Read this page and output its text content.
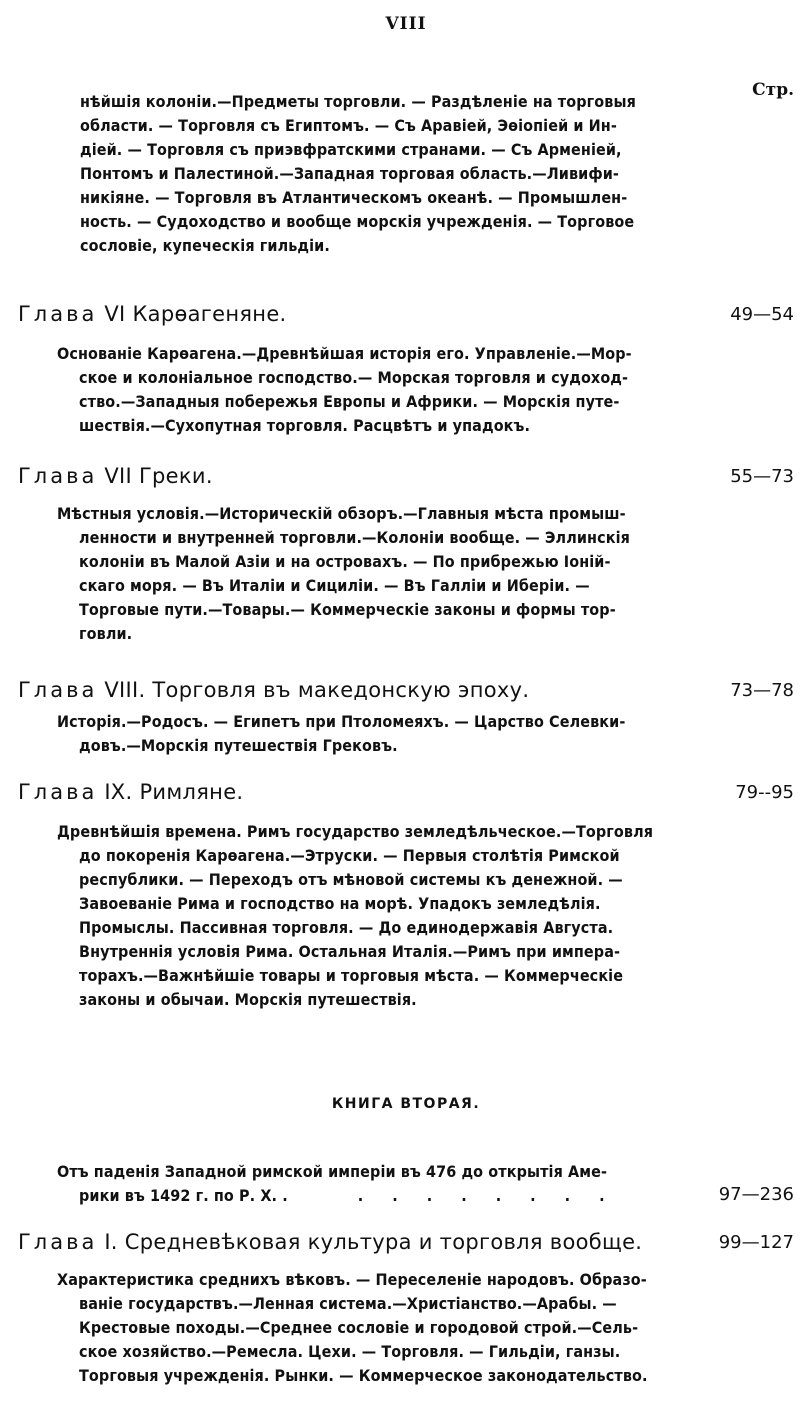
VIII
Стр.
нѣйшія колоніи.—Предметы торговли. — Раздѣленіе на торговыя
области. — Торговля съ Египтомъ. — Съ Аравіей, Эѳіопіей и Ин-
діей. — Торговля съ приэвфратскими странами. — Съ Арменіей,
Понтомъ и Палестиной.—Западная торговая область.—Ливифи-
никіяне. — Торговля въ Атлантическомъ океанѣ. — Промышлен-
ность. — Судоходство и вообще морскія учрежденія. — Торговое
сословіе, купеческія гильдіи.
Глава VI Карѳагеняне.	49—54
Основаніе Карѳагена.—Древнѣйшая исторія его. Управленіе.—Мор-
ское и колоніальное господство.— Морская торговля и судоход-
ство.—Западныя побережья Европы и Африки. — Морскія путе-
шествія.—Сухопутная торговля. Расцвѣтъ и упадокъ.
Глава VII Греки.	55—73
Мѣстныя условія.—Историческій обзоръ.—Главныя мѣста промыш-
ленности и внутренней торговли.—Колоніи вообще. — Эллинскія
колоніи въ Малой Азіи и на островахъ. — По прибрежью Іоній-
скаго моря. — Въ Италіи и Сициліи. — Въ Галліи и Иберіи. —
Торговые пути.—Товары.— Коммерческіе законы и формы тор-
говли.
Глава VIII. Торговля въ македонскую эпоху.	73—78
Исторія.—Родосъ. — Египетъ при Птоломеяхъ. — Царство Селевки-
довъ.—Морскія путешествія Грековъ.
Глава IX. Римляне.	79--95
Древнѣйшія времена. Римъ государство земледѣльческое.—Торговля
до покоренія Карѳагена.—Этруски. — Первыя столѣтія Римской
республики. — Переходъ отъ мѣновой системы къ денежной. —
Завоеваніе Рима и господство на морѣ. Упадокъ земледѣлія.
Промыслы. Пассивная торговля. — До единодержавія Августа.
Внутреннія условія Рима. Остальная Италія.—Римъ при импера-
торахъ.—Важнѣйшіе товары и торговыя мѣста. — Коммерческіе
законы и обычаи. Морскія путешествія.
КНИГА ВТОРАЯ.
Отъ паденія Западной римской имперіи въ 476 до открытія Аме-
рики въ 1492 г. по Р. Х. .	. . . . . . . .	97—236
Глава I. Средневѣковая культура и торговля вообще.	99—127
Характеристика среднихъ вѣковъ. — Переселеніе народовъ. Образо-
ваніе государствъ.—Ленная система.—Христіанство.—Арабы. —
Крестовые походы.—Среднее сословіе и городовой строй.—Сель-
ское хозяйство.—Ремесла. Цехи. — Торговля. — Гильдіи, ганзы.
Торговыя учрежденія. Рынки. — Коммерческое законодательство.
